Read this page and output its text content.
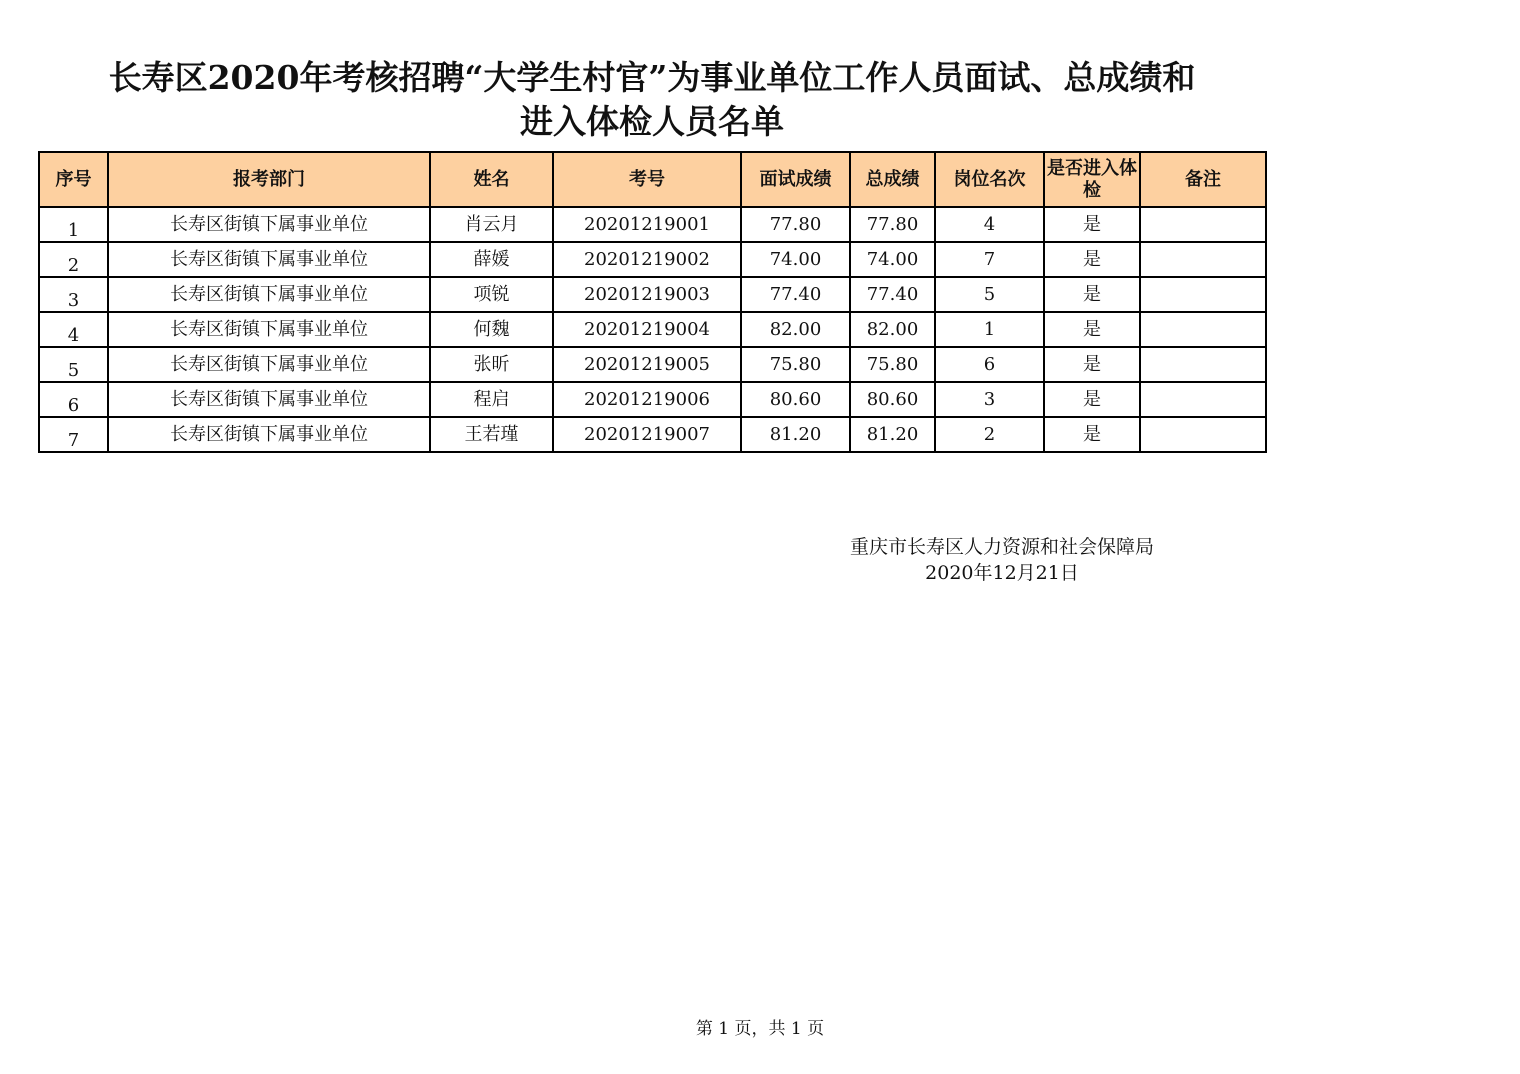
长寿区2020年考核招聘“大学生村官”为事业单位工作人员面试、总成绩和
进入体检人员名单
序号	报考部门	姓名	考号	面试成绩	总成绩	岗位名次	是否进入体检	备注
1	长寿区街镇下属事业单位	肖云月	20201219001	77.80	77.80	4	是	
2	长寿区街镇下属事业单位	薛媛	20201219002	74.00	74.00	7	是	
3	长寿区街镇下属事业单位	项锐	20201219003	77.40	77.40	5	是	
4	长寿区街镇下属事业单位	何魏	20201219004	82.00	82.00	1	是	
5	长寿区街镇下属事业单位	张昕	20201219005	75.80	75.80	6	是	
6	长寿区街镇下属事业单位	程启	20201219006	80.60	80.60	3	是	
7	长寿区街镇下属事业单位	王若瑾	20201219007	81.20	81.20	2	是	
重庆市长寿区人力资源和社会保障局
2020年12月21日
第 1 页，共 1 页
